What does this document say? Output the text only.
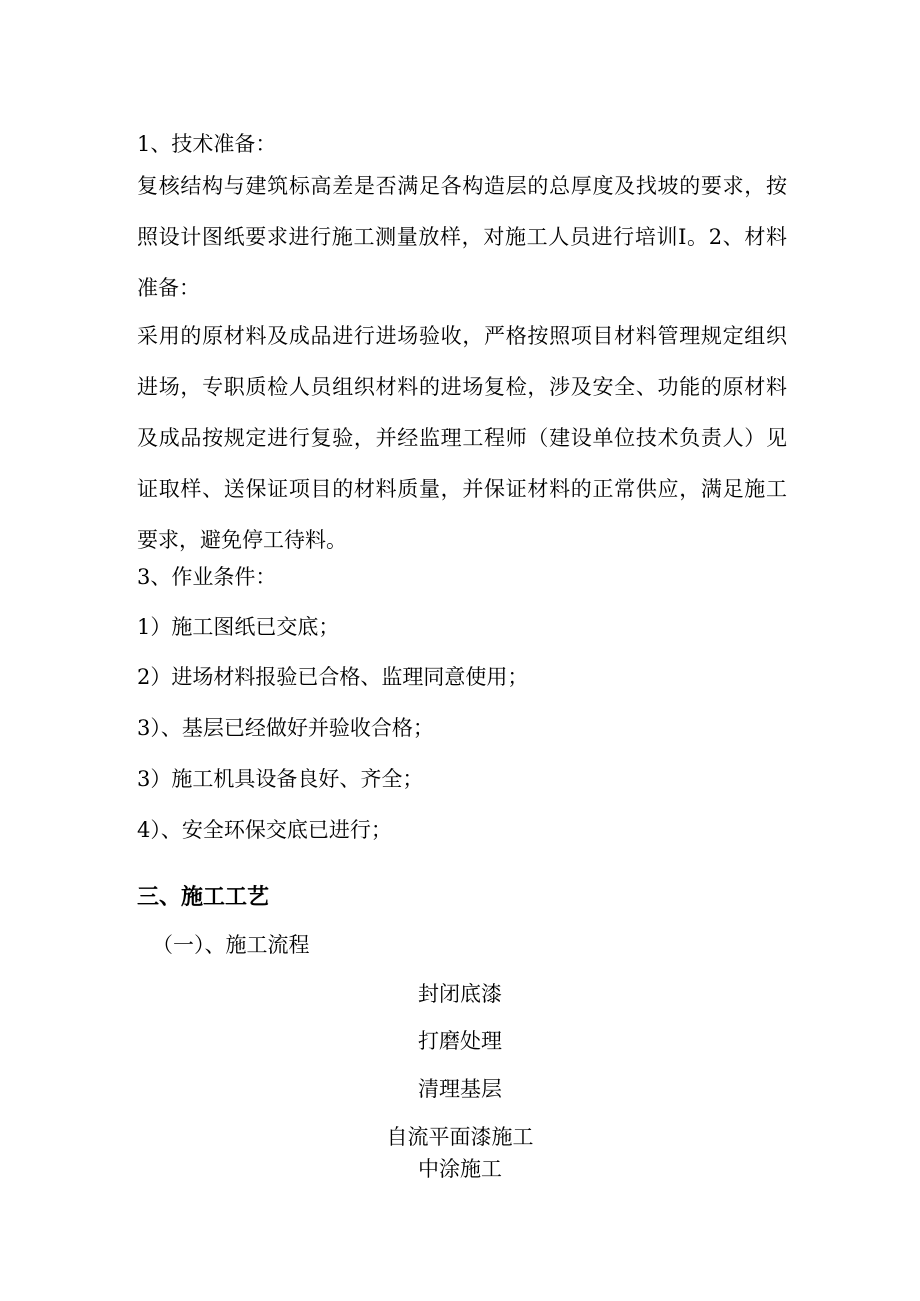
1、技术准备：

复核结构与建筑标高差是否满足各构造层的总厚度及找坡的要求，按照设计图纸要求进行施工测量放样，对施工人员进行培训I。2、材料准备：

采用的原材料及成品进行进场验收，严格按照项目材料管理规定组织进场，专职质检人员组织材料的进场复检，涉及安全、功能的原材料及成品按规定进行复验，并经监理工程师（建设单位技术负责人）见证取样、送保证项目的材料质量，并保证材料的正常供应，满足施工要求，避免停工待料。

3、作业条件：
1）施工图纸已交底；
2）进场材料报验已合格、监理同意使用；
3）、基层已经做好并验收合格；
3）施工机具设备良好、齐全；
4）、安全环保交底已进行；
三、施工工艺
（一）、施工流程
封闭底漆
打磨处理
清理基层
自流平面漆施工
中涂施工
